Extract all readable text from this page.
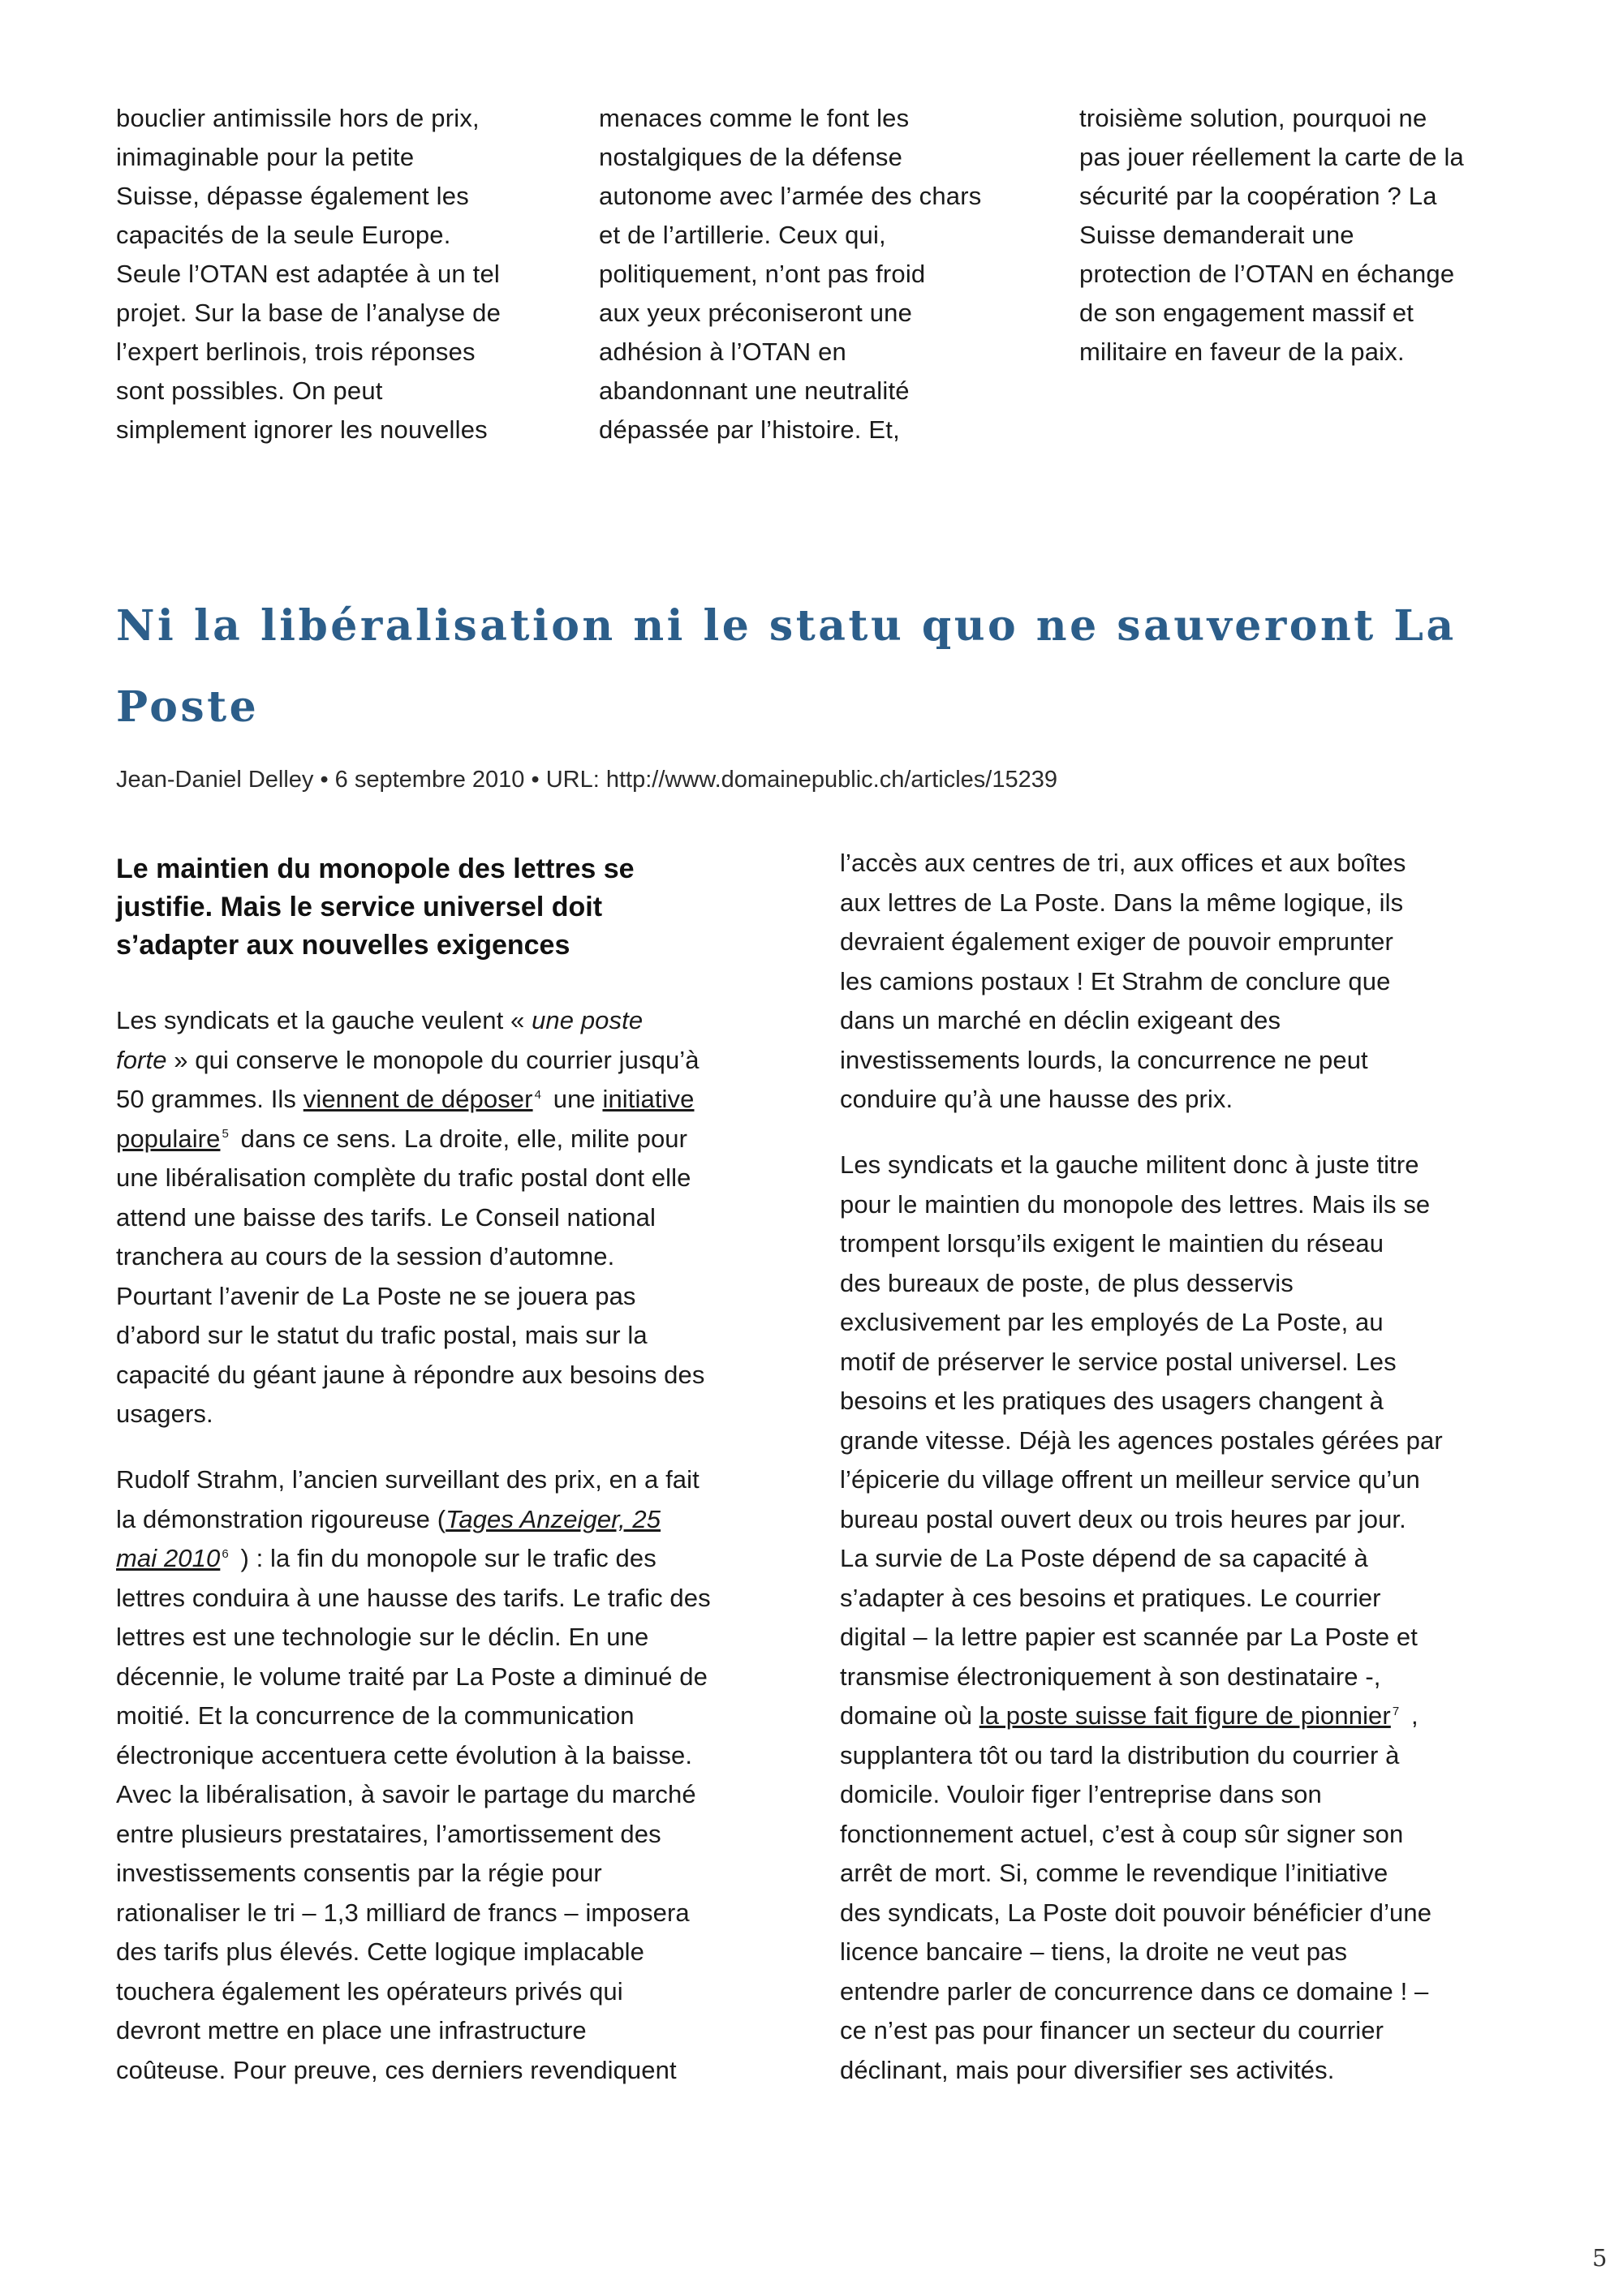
bouclier antimissile hors de prix,
inimaginable pour la petite
Suisse, dépasse également les
capacités de la seule Europe.
Seule l’OTAN est adaptée à un tel
projet. Sur la base de l’analyse de
l’expert berlinois, trois réponses
sont possibles. On peut
simplement ignorer les nouvelles
menaces comme le font les
nostalgiques de la défense
autonome avec l’armée des chars
et de l’artillerie. Ceux qui,
politiquement, n’ont pas froid
aux yeux préconiseront une
adhésion à l’OTAN en
abandonnant une neutralité
dépassée par l’histoire. Et,
troisième solution, pourquoi ne
pas jouer réellement la carte de la
sécurité par la coopération ? La
Suisse demanderait une
protection de l’OTAN en échange
de son engagement massif et
militaire en faveur de la paix.
Ni la libéralisation ni le statu quo ne sauveront La
Poste
Jean-Daniel Delley • 6 septembre 2010 • URL: http://www.domainepublic.ch/articles/15239
Le maintien du monopole des lettres se
justifie. Mais le service universel doit
s’adapter aux nouvelles exigences
Les syndicats et la gauche veulent « une poste
forte » qui conserve le monopole du courrier jusqu’à
50 grammes. Ils viennent de déposer $^4$ une initiative
populaire $^5$ dans ce sens. La droite, elle, milite pour
une libéralisation complète du trafic postal dont elle
attend une baisse des tarifs. Le Conseil national
tranchera au cours de la session d’automne.
Pourtant l’avenir de La Poste ne se jouera pas
d’abord sur le statut du trafic postal, mais sur la
capacité du géant jaune à répondre aux besoins des
usagers.
Rudolf Strahm, l’ancien surveillant des prix, en a fait
la démonstration rigoureuse (Tages Anzeiger, 25
mai 2010 $^6$ ) : la fin du monopole sur le trafic des
lettres conduira à une hausse des tarifs. Le trafic des
lettres est une technologie sur le déclin. En une
décennie, le volume traité par La Poste a diminué de
moitié. Et la concurrence de la communication
électronique accentuera cette évolution à la baisse.
Avec la libéralisation, à savoir le partage du marché
entre plusieurs prestataires, l’amortissement des
investissements consentis par la régie pour
rationaliser le tri – 1,3 milliard de francs – imposera
des tarifs plus élevés. Cette logique implacable
touchera également les opérateurs privés qui
devront mettre en place une infrastructure
coûteuse. Pour preuve, ces derniers revendiquent
l’accès aux centres de tri, aux offices et aux boîtes
aux lettres de La Poste. Dans la même logique, ils
devraient également exiger de pouvoir emprunter
les camions postaux ! Et Strahm de conclure que
dans un marché en déclin exigeant des
investissements lourds, la concurrence ne peut
conduire qu’à une hausse des prix.
Les syndicats et la gauche militent donc à juste titre
pour le maintien du monopole des lettres. Mais ils se
trompent lorsqu’ils exigent le maintien du réseau
des bureaux de poste, de plus desservis
exclusivement par les employés de La Poste, au
motif de préserver le service postal universel. Les
besoins et les pratiques des usagers changent à
grande vitesse. Déjà les agences postales gérées par
l’épicerie du village offrent un meilleur service qu’un
bureau postal ouvert deux ou trois heures par jour.
La survie de La Poste dépend de sa capacité à
s’adapter à ces besoins et pratiques. Le courrier
digital – la lettre papier est scannée par La Poste et
transmise électroniquement à son destinataire -,
domaine où la poste suisse fait figure de pionnier $^7$ ,
supplantera tôt ou tard la distribution du courrier à
domicile. Vouloir figer l’entreprise dans son
fonctionnement actuel, c’est à coup sûr signer son
arrêt de mort. Si, comme le revendique l’initiative
des syndicats, La Poste doit pouvoir bénéficier d’une
licence bancaire – tiens, la droite ne veut pas
entendre parler de concurrence dans ce domaine ! –
ce n’est pas pour financer un secteur du courrier
déclinant, mais pour diversifier ses activités.
5
